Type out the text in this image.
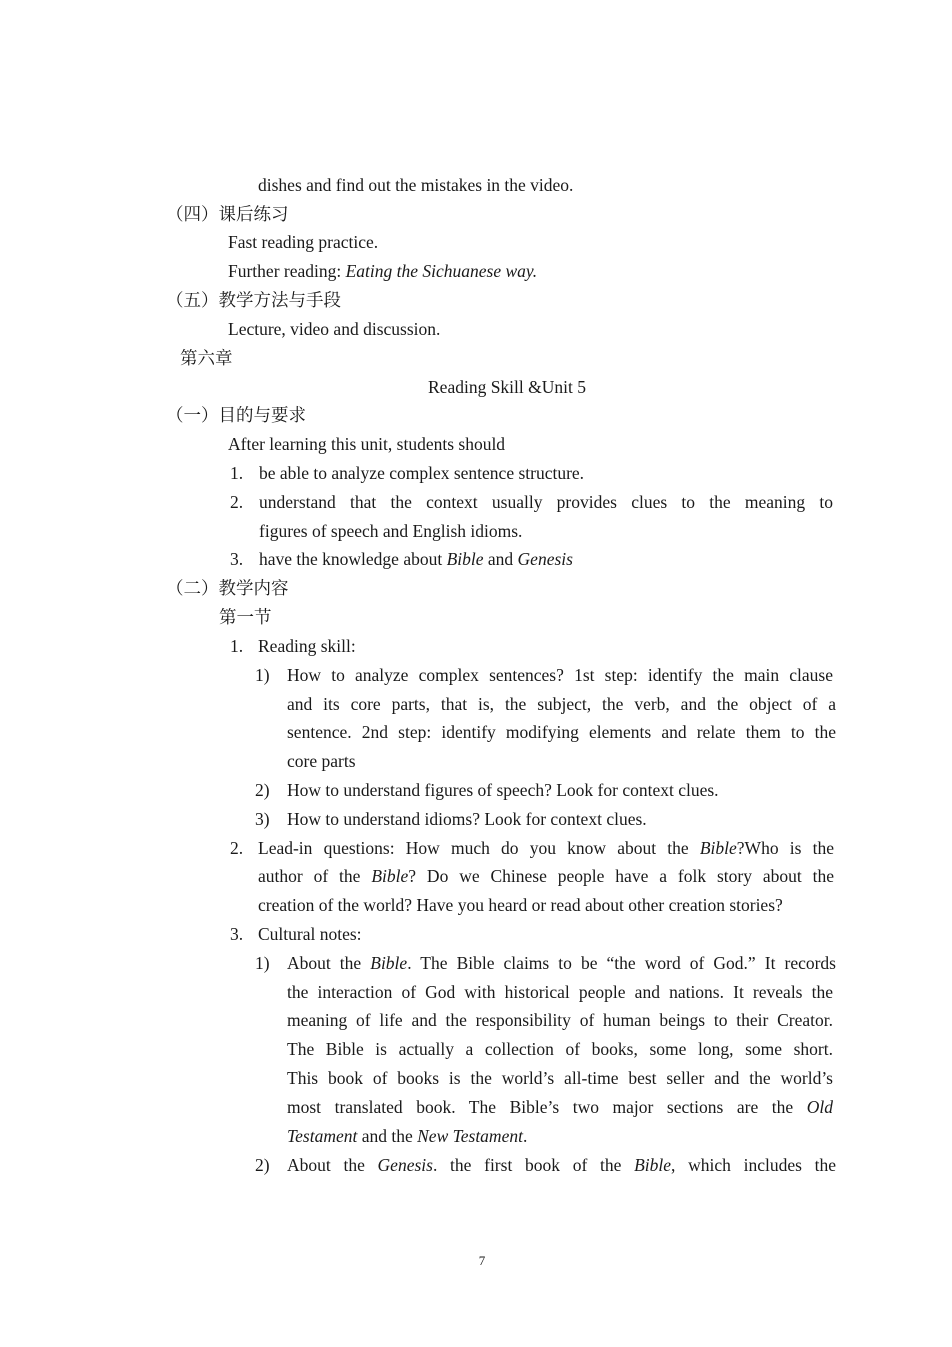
dishes and find out the mistakes in the video.
（四）课后练习
Fast reading practice.
Further reading: Eating the Sichuanese way.
（五）教学方法与手段
Lecture, video and discussion.
第六章
Reading Skill &Unit 5
（一）目的与要求
After learning this unit, students should
1. be able to analyze complex sentence structure.
2. understand that the context usually provides clues to the meaning to
figures of speech and English idioms.
3. have the knowledge about Bible and Genesis
（二）教学内容
第一节
1. Reading skill:
1) How to analyze complex sentences? 1st step: identify the main clause
and its core parts, that is, the subject, the verb, and the object of a
sentence. 2nd step: identify modifying elements and relate them to the
core parts
2) How to understand figures of speech? Look for context clues.
3) How to understand idioms? Look for context clues.
2. Lead-in questions: How much do you know about the Bible?Who is the
author of the Bible? Do we Chinese people have a folk story about the
creation of the world? Have you heard or read about other creation stories?
3. Cultural notes:
1) About the Bible. The Bible claims to be “the word of God.” It records
the interaction of God with historical people and nations. It reveals the
meaning of life and the responsibility of human beings to their Creator.
The Bible is actually a collection of books, some long, some short.
This book of books is the world’s all-time best seller and the world’s
most translated book. The Bible’s two major sections are the Old
Testament and the New Testament.
2) About the Genesis. the first book of the Bible, which includes the
7
